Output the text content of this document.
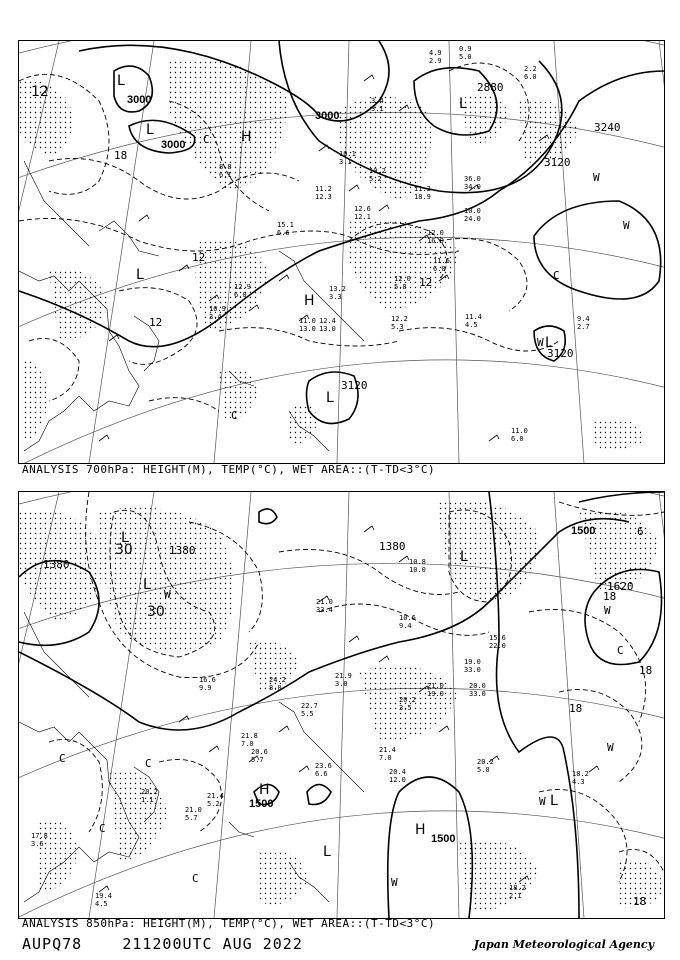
3000
3000
3000
2880
3120
3240
3120
3120
12
12
12
18
12
L
L
L
L
L
L
H
H
W
W
W
C
C
C
4.9
2.9
0.9
5.0
3.4
3.1
2.2
6.0
8.8
6.1
11.2
18.9
10.2
5.2
10.1
3.1
11.2
12.3
12.6
12.1
10.0
24.0
36.0
34.0
12.0
16.0
11.4
4.5
11.6
6.0
12.0
5.8
11.0
6.0
9.4
2.7
12.2
5.3
13.2
3.3
12.9
6.0
10.9
3.4	11.0
13.0
12.4
13.0
15.1
6.6
ANALYSIS 700hPa: HEIGHT(M), TEMP(°C), WET AREA::(T-TD<3°C)
1380
1380	1380
1500
1500
1500
1620
30
30
18
18
18
6
18
L
L
L
L
L
H
H
W
W
W
W
W
C
C	C
C
C
20.2
5.0	18.2
4.3
18.2
2.1
21.4
7.0
20.4
12.0
20.2
3.5
21.0
19.0
20.0
33.0
19.0
33.0
15.6
22.0
10.6
9.4
10.8
10.0
21.0
33.4
23.6
6.6
22.7
5.5
21.8
7.0
20.6
5.7
21.4
5.2
16.6
9.9
19.4
4.5
17.8
3.6
20.2
1.1
21.0
5.7
24.2
8.0
21.9
3.0
ANALYSIS 850hPa: HEIGHT(M), TEMP(°C), WET AREA::(T-TD<3°C)
AUPQ78	211200UTC AUG 2022	Japan Meteorological Agency
